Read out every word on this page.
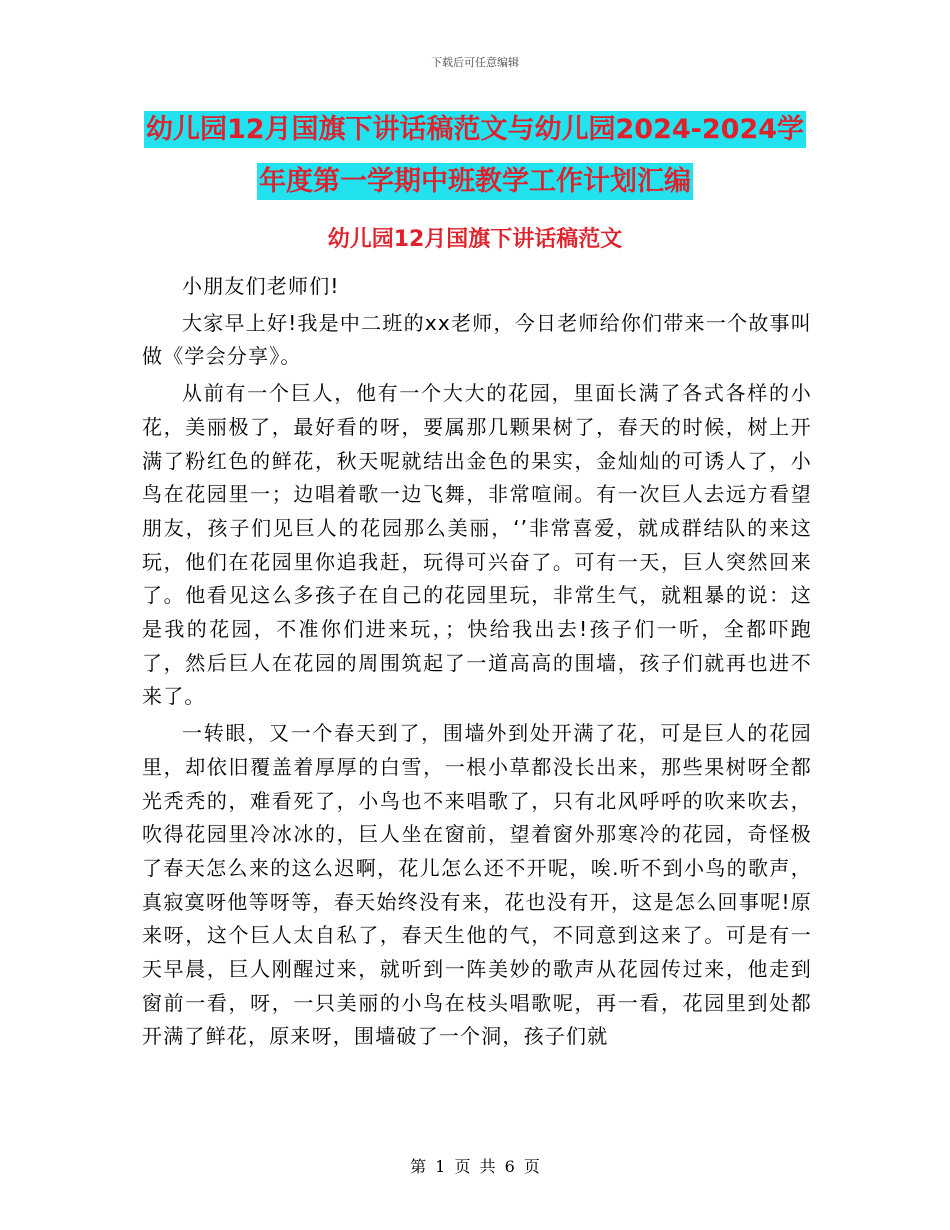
下载后可任意编辑
幼儿园12月国旗下讲话稿范文与幼儿园2024-2024学
年度第一学期中班教学工作计划汇编
幼儿园12月国旗下讲话稿范文

小朋友们老师们!

大家早上好!我是中二班的xx老师，今日老师给你们带来一个故事叫做《学会分享》。

从前有一个巨人，他有一个大大的花园，里面长满了各式各样的小花，美丽极了，最好看的呀，要属那几颗果树了，春天的时候，树上开满了粉红色的鲜花，秋天呢就结出金色的果实，金灿灿的可诱人了，小鸟在花园里一；边唱着歌一边飞舞，非常喧闹。有一次巨人去远方看望朋友，孩子们见巨人的花园那么美丽，‘’非常喜爱，就成群结队的来这玩，他们在花园里你追我赶，玩得可兴奋了。可有一天，巨人突然回来了。他看见这么多孩子在自己的花园里玩，非常生气，就粗暴的说：这是我的花园，不准你们进来玩，；快给我出去!孩子们一听，全都吓跑了，然后巨人在花园的周围筑起了一道高高的围墙，孩子们就再也进不来了。

一转眼，又一个春天到了，围墙外到处开满了花，可是巨人的花园里，却依旧覆盖着厚厚的白雪，一根小草都没长出来，那些果树呀全都光秃秃的，难看死了，小鸟也不来唱歌了，只有北风呼呼的吹来吹去，吹得花园里冷冰冰的，巨人坐在窗前，望着窗外那寒冷的花园，奇怪极了春天怎么来的这么迟啊，花儿怎么还不开呢，唉.听不到小鸟的歌声，真寂寞呀他等呀等，春天始终没有来，花也没有开，这是怎么回事呢!原来呀，这个巨人太自私了，春天生他的气，不同意到这来了。可是有一天早晨，巨人刚醒过来，就听到一阵美妙的歌声从花园传过来，他走到窗前一看，呀，一只美丽的小鸟在枝头唱歌呢，再一看，花园里到处都开满了鲜花，原来呀，围墙破了一个洞，孩子们就

第 1 页 共 6 页
